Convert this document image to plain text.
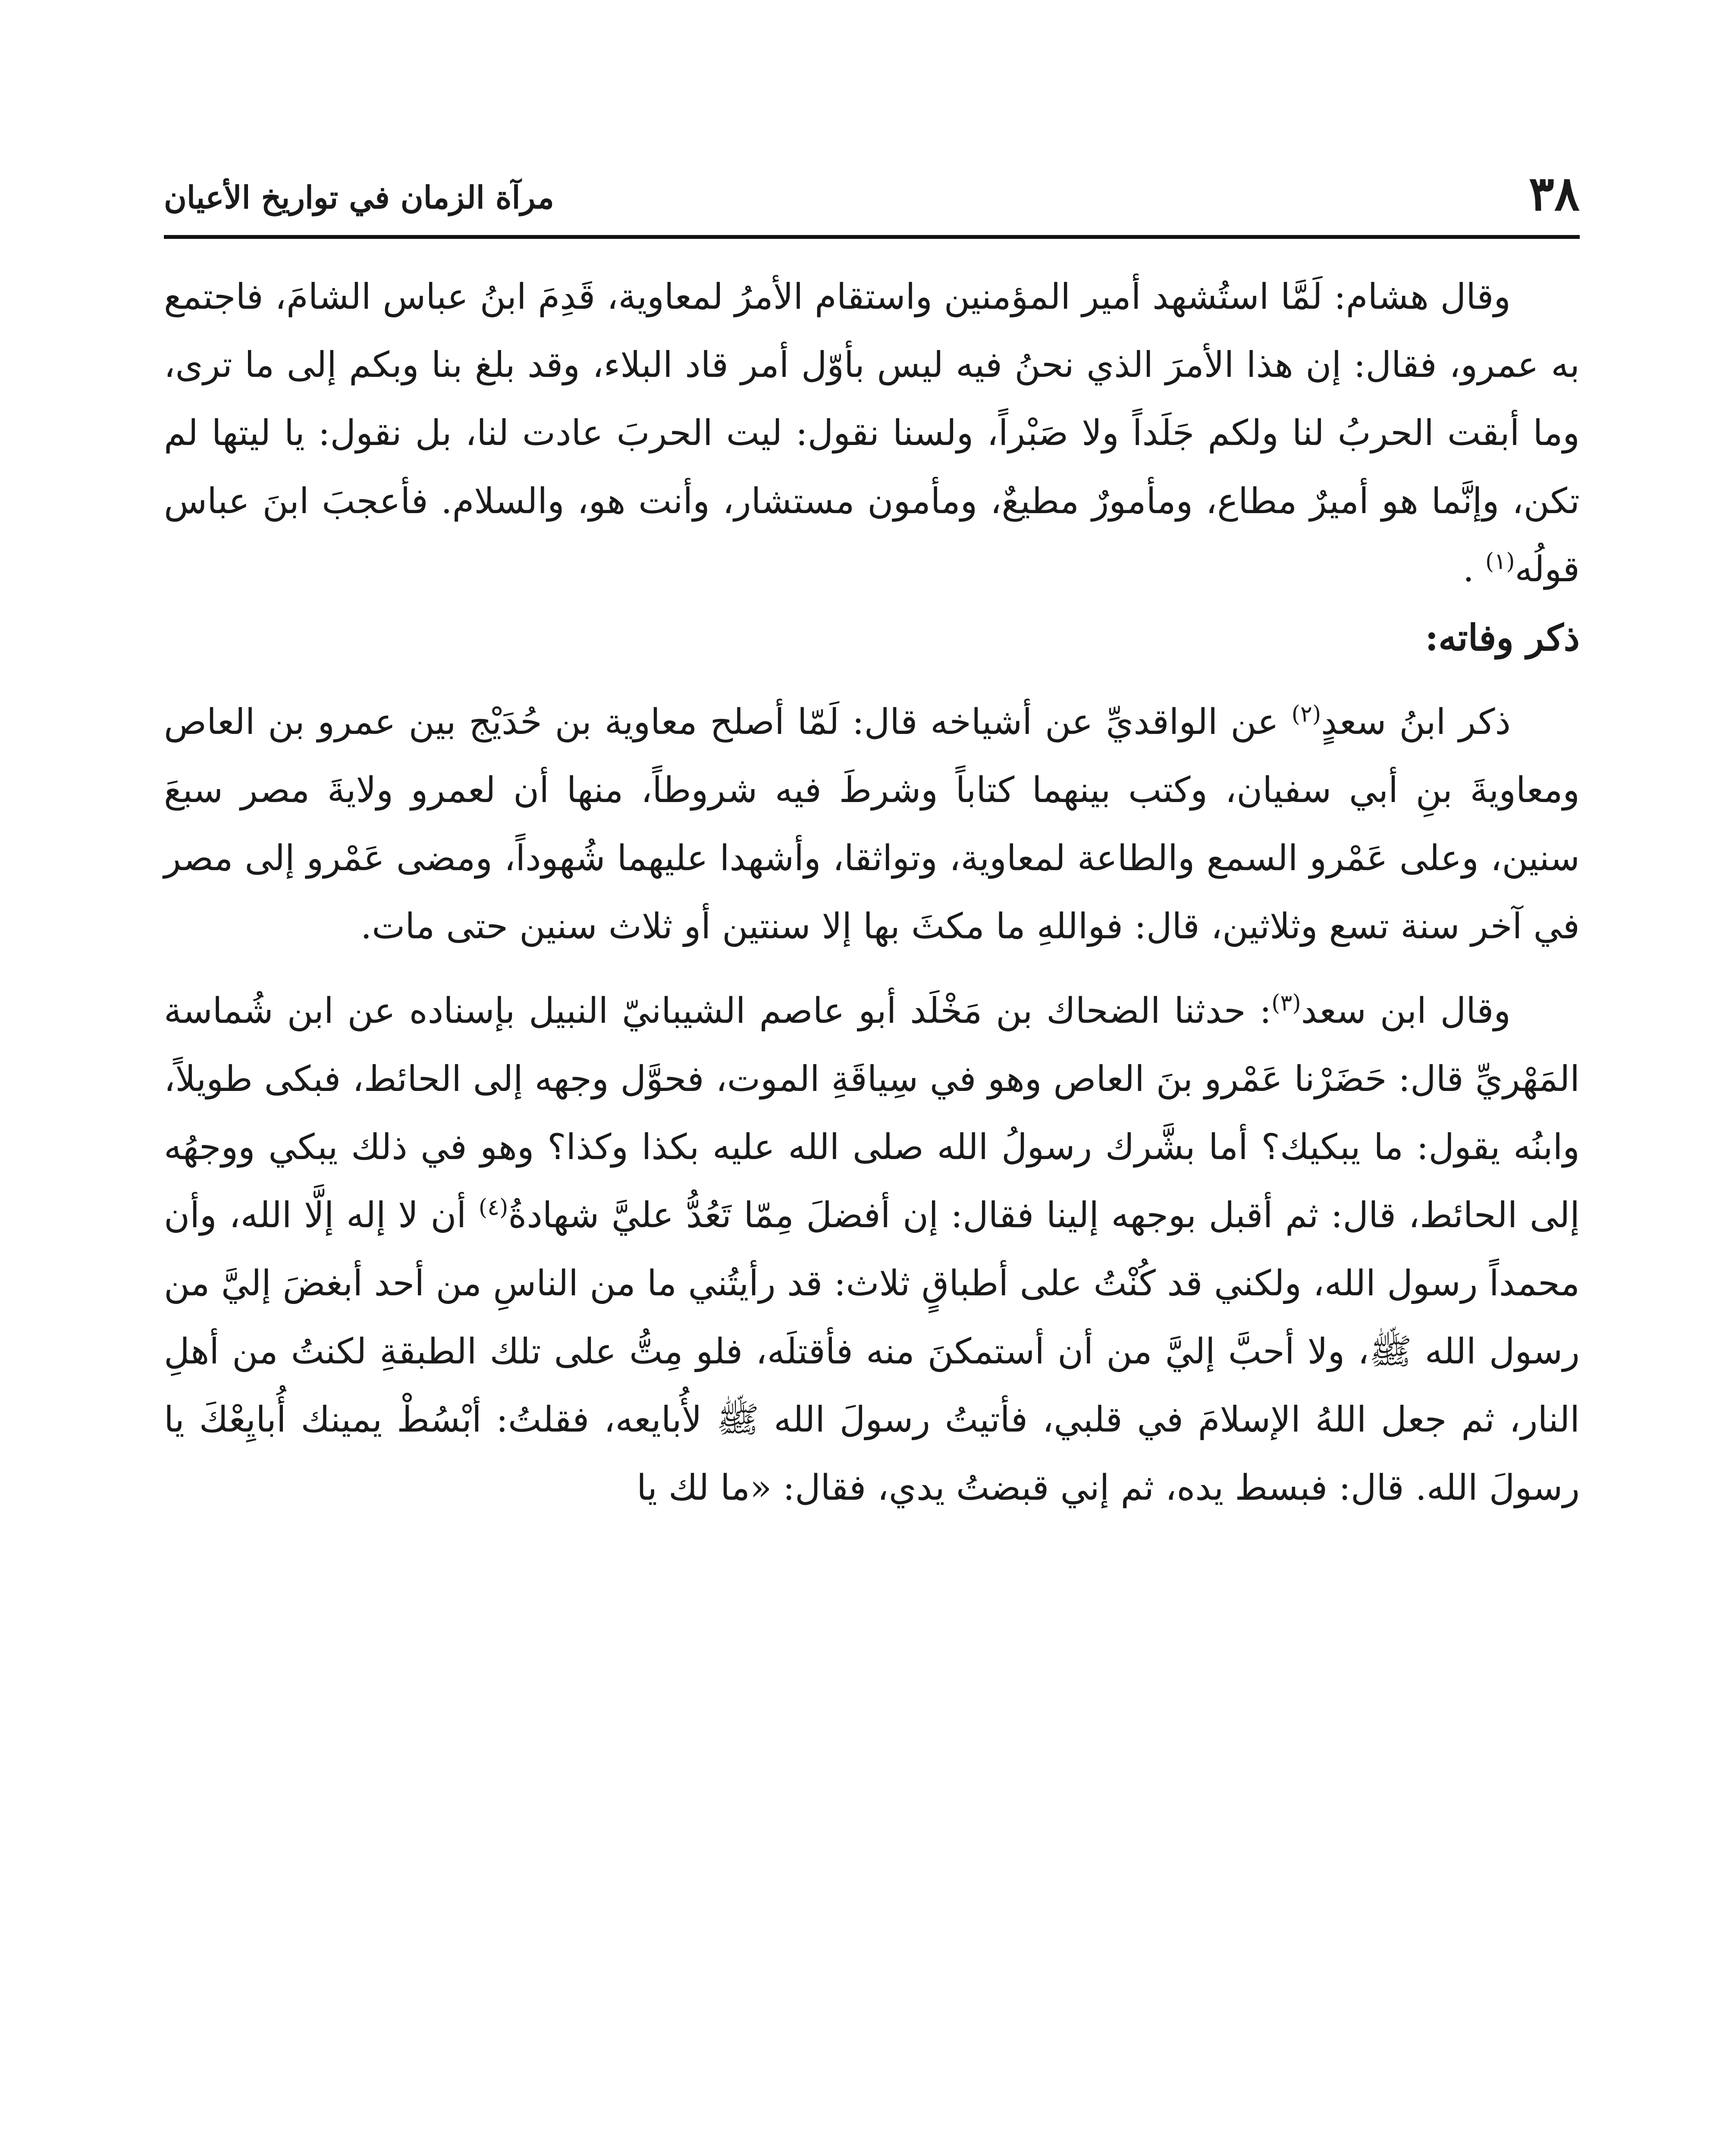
٣٨
مرآة الزمان في تواريخ الأعيان

وقال هشام: لَمَّا استُشهد أمير المؤمنين واستقام الأمرُ لمعاوية، قَدِمَ ابنُ عباس الشامَ، فاجتمع به عمرو، فقال: إن هذا الأمرَ الذي نحنُ فيه ليس بأوّل أمر قاد البلاء، وقد بلغ بنا وبكم إلى ما ترى، وما أبقت الحربُ لنا ولكم جَلَداً ولا صَبْراً، ولسنا نقول: ليت الحربَ عادت لنا، بل نقول: يا ليتها لم تكن، وإنَّما هو أميرٌ مطاع، ومأمورٌ مطيعٌ، ومأمون مستشار، وأنت هو، والسلام. فأعجبَ ابنَ عباس قولُه$^{(١)}$ .

ذكر وفاته:

ذكر ابنُ سعدٍ$^{(٢)}$ عن الواقديِّ عن أشياخه قال: لَمّا أصلح معاوية بن حُدَيْج بين عمرو بن العاص ومعاويةَ بنِ أبي سفيان، وكتب بينهما كتاباً وشرطَ فيه شروطاً، منها أن لعمرو ولايةَ مصر سبعَ سنين، وعلى عَمْرو السمع والطاعة لمعاوية، وتواثقا، وأشهدا عليهما شُهوداً، ومضى عَمْرو إلى مصر في آخر سنة تسع وثلاثين، قال: فواللهِ ما مكثَ بها إلا سنتين أو ثلاث سنين حتى مات.

وقال ابن سعد$^{(٣)}$: حدثنا الضحاك بن مَخْلَد أبو عاصم الشيبانيّ النبيل بإسناده عن ابن شُماسة المَهْريِّ قال: حَضَرْنا عَمْرو بنَ العاص وهو في سِياقَةِ الموت، فحوَّل وجهه إلى الحائط، فبكى طويلاً، وابنُه يقول: ما يبكيك؟ أما بشَّرك رسولُ الله صلى الله عليه بكذا وكذا؟ وهو في ذلك يبكي ووجهُه إلى الحائط، قال: ثم أقبل بوجهه إلينا فقال: إن أفضلَ مِمّا تَعُدُّ عليَّ شهادةُ$^{(٤)}$ أن لا إله إلَّا الله، وأن محمداً رسول الله، ولكني قد كُنْتُ على أطباقٍ ثلاث: قد رأيتُني ما من الناسِ من أحد أبغضَ إليَّ من رسول الله ﷺ، ولا أحبَّ إليَّ من أن أستمكنَ منه فأقتلَه، فلو مِتُّ على تلك الطبقةِ لكنتُ من أهلِ النار، ثم جعل اللهُ الإسلامَ في قلبي، فأتيتُ رسولَ الله ﷺ لأُبايعه، فقلتُ: أبْسُطْ يمينك أُبايِعْكَ يا رسولَ الله. قال: فبسط يده، ثم إني قبضتُ يدي، فقال: «ما لك يا
